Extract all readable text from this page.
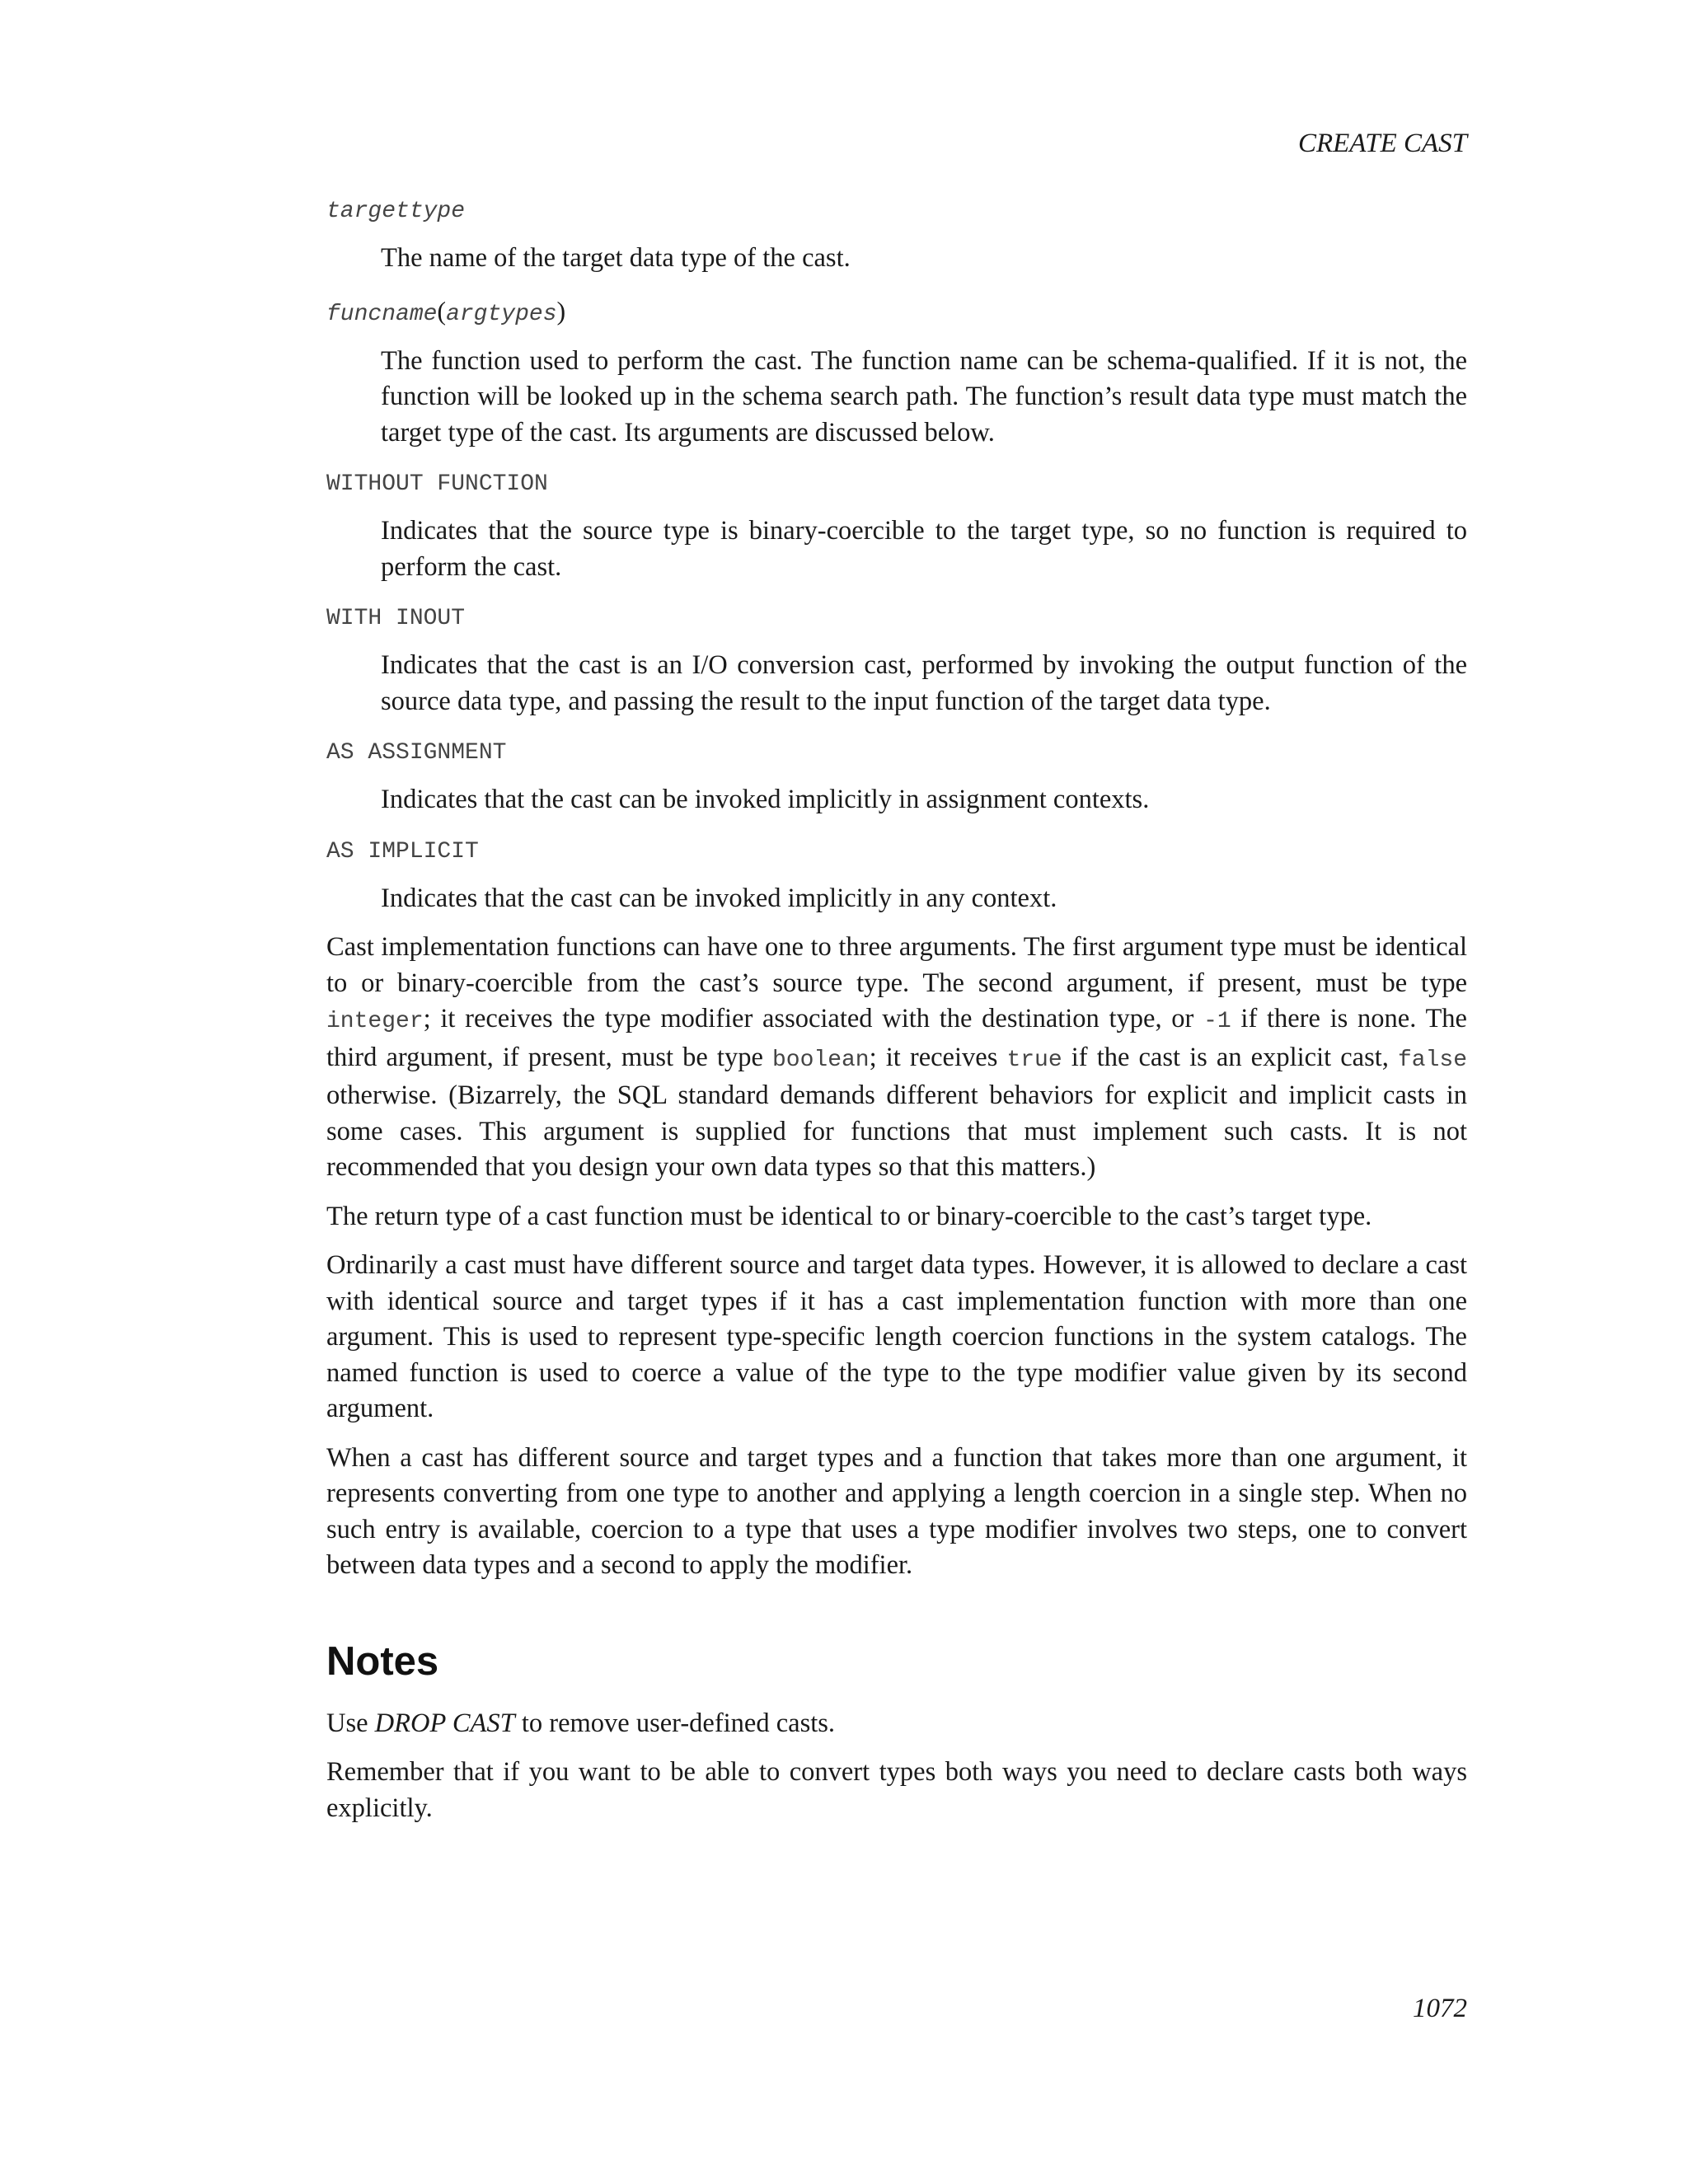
CREATE CAST
targettype
The name of the target data type of the cast.
funcname(argtypes)
The function used to perform the cast. The function name can be schema-qualified. If it is not, the function will be looked up in the schema search path. The function’s result data type must match the target type of the cast. Its arguments are discussed below.
WITHOUT FUNCTION
Indicates that the source type is binary-coercible to the target type, so no function is required to perform the cast.
WITH INOUT
Indicates that the cast is an I/O conversion cast, performed by invoking the output function of the source data type, and passing the result to the input function of the target data type.
AS ASSIGNMENT
Indicates that the cast can be invoked implicitly in assignment contexts.
AS IMPLICIT
Indicates that the cast can be invoked implicitly in any context.

Cast implementation functions can have one to three arguments. The first argument type must be identical to or binary-coercible from the cast’s source type. The second argument, if present, must be type integer; it receives the type modifier associated with the destination type, or -1 if there is none. The third argument, if present, must be type boolean; it receives true if the cast is an explicit cast, false otherwise. (Bizarrely, the SQL standard demands different behaviors for explicit and implicit casts in some cases. This argument is supplied for functions that must implement such casts. It is not recommended that you design your own data types so that this matters.)

The return type of a cast function must be identical to or binary-coercible to the cast’s target type.

Ordinarily a cast must have different source and target data types. However, it is allowed to declare a cast with identical source and target types if it has a cast implementation function with more than one argument. This is used to represent type-specific length coercion functions in the system catalogs. The named function is used to coerce a value of the type to the type modifier value given by its second argument.

When a cast has different source and target types and a function that takes more than one argument, it represents converting from one type to another and applying a length coercion in a single step. When no such entry is available, coercion to a type that uses a type modifier involves two steps, one to convert between data types and a second to apply the modifier.

Notes

Use DROP CAST to remove user-defined casts.

Remember that if you want to be able to convert types both ways you need to declare casts both ways explicitly.

1072
